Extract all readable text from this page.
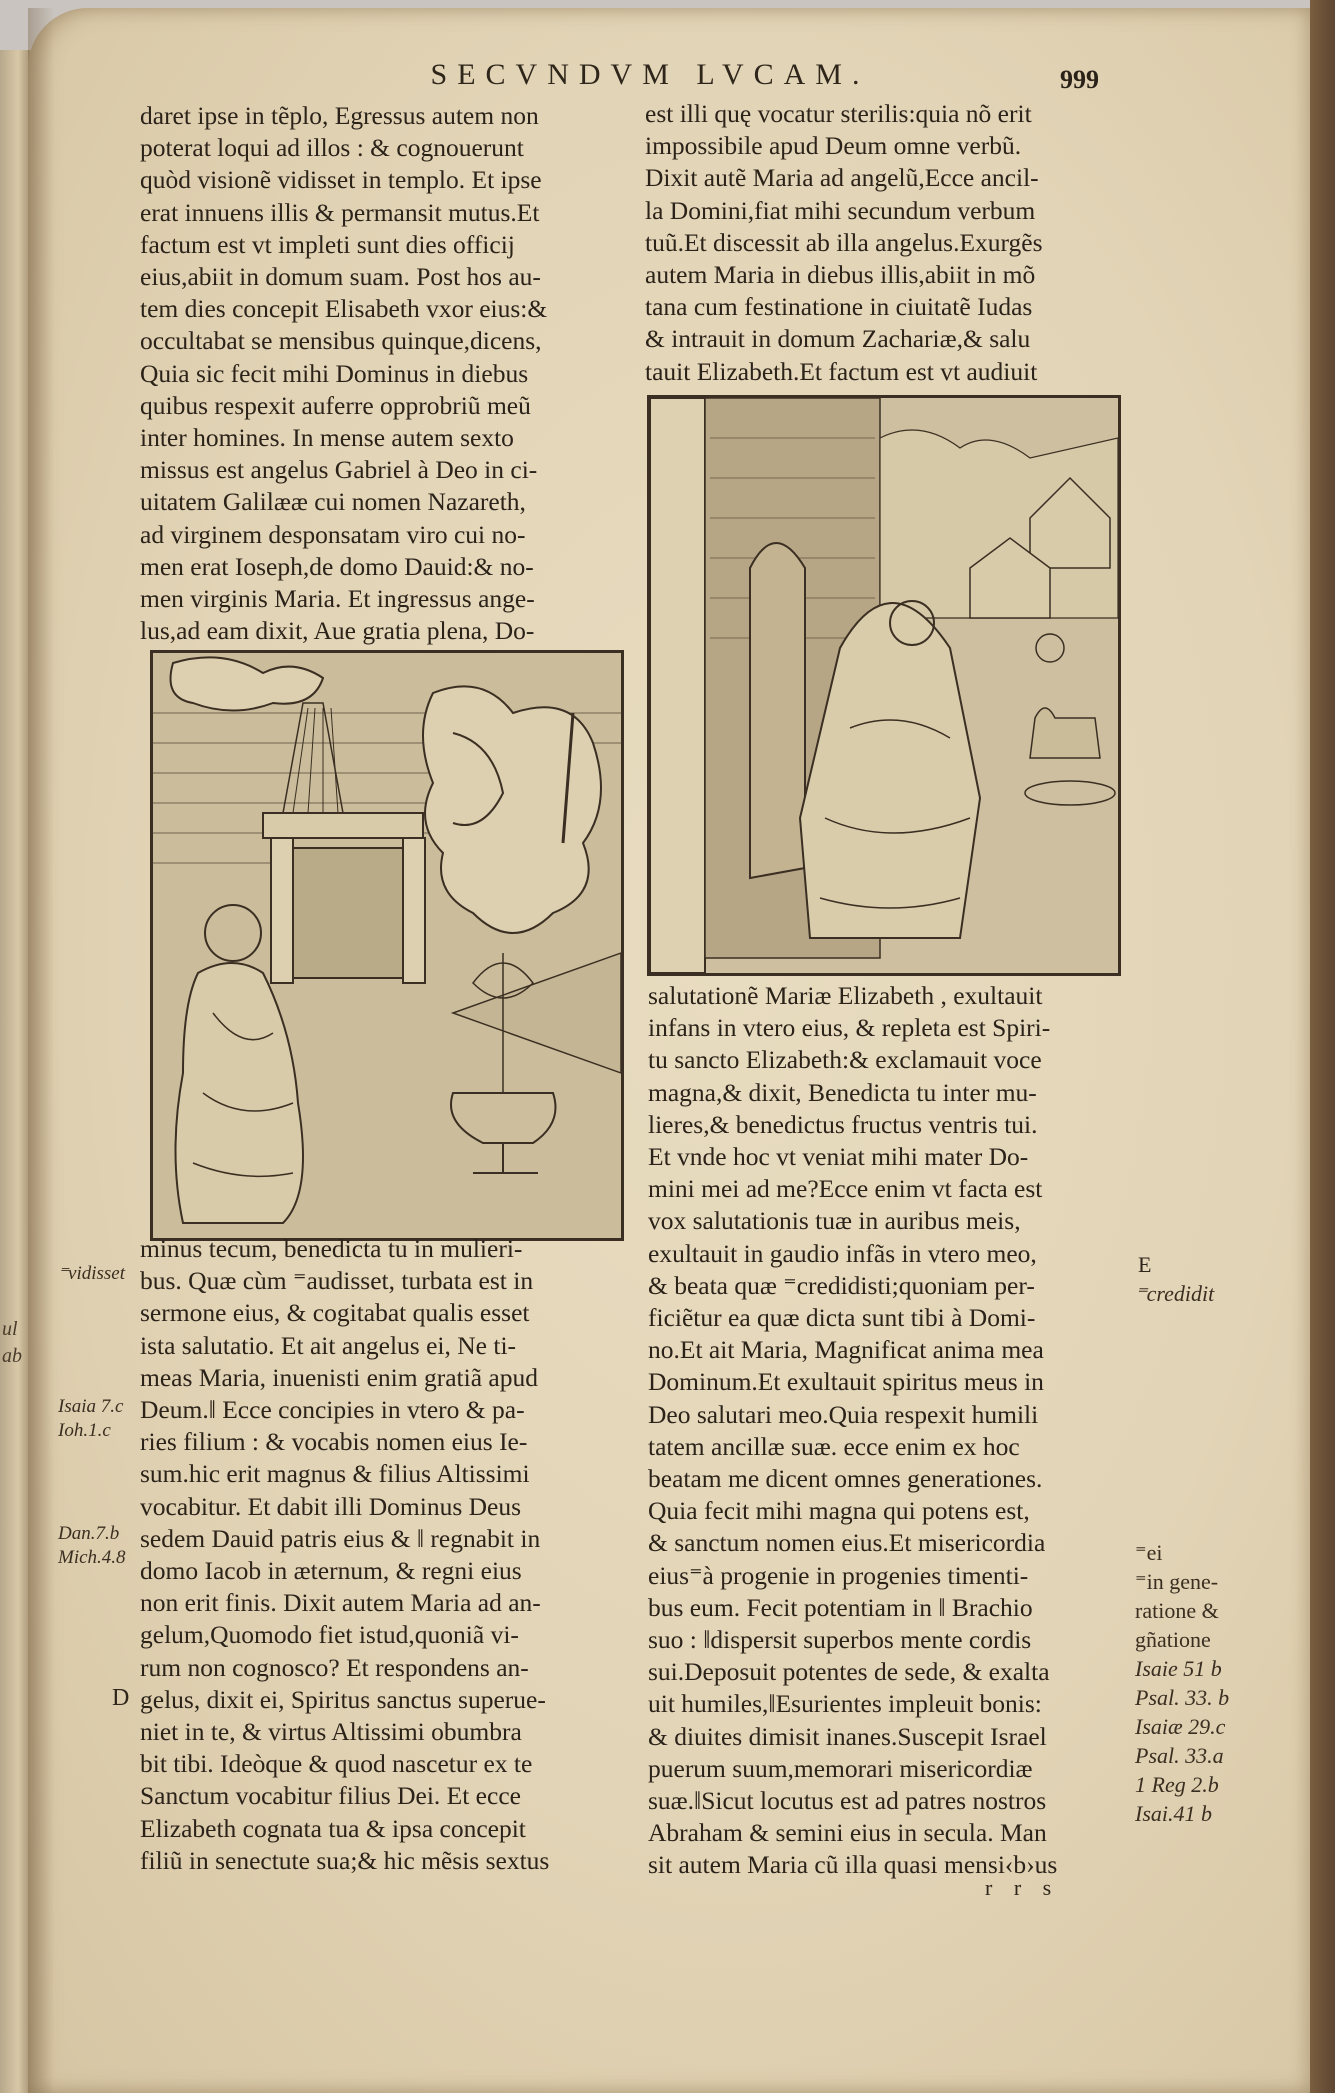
ul
ab
SECVNDVM LVCAM.	999
daret ipse in tẽplo, Egressus autem non
poterat loqui ad illos : & cognouerunt
quòd visionẽ vidisset in templo. Et ipse
erat innuens illis & permansit mutus.Et
factum est vt impleti sunt dies officij
eius,abiit in domum suam. Post hos au-
tem dies concepit Elisabeth vxor eius:&
occultabat se mensibus quinque,dicens,
Quia sic fecit mihi Dominus in diebus
quibus respexit auferre opprobriũ meũ
inter homines. In mense autem sexto
missus est angelus Gabriel à Deo in ci-
uitatem Galilææ cui nomen Nazareth,
ad virginem desponsatam viro cui no-
men erat Ioseph,de domo Dauid:& no-
men virginis Maria. Et ingressus ange-
lus,ad eam dixit, Aue gratia plena, Do-
minus tecum, benedicta tu in mulieri-
bus. Quæ cùm ⁼audisset, turbata est in
sermone eius, & cogitabat qualis esset
ista salutatio. Et ait angelus ei, Ne ti-
meas Maria, inuenisti enim gratiã apud
Deum.‖ Ecce concipies in vtero & pa-
ries filium : & vocabis nomen eius Ie-
sum.hic erit magnus & filius Altissimi
vocabitur. Et dabit illi Dominus Deus
sedem Dauid patris eius & ‖ regnabit in
domo Iacob in æternum, & regni eius
non erit finis. Dixit autem Maria ad an-
gelum,Quomodo fiet istud,quoniã vi-
rum non cognosco? Et respondens an-
gelus, dixit ei, Spiritus sanctus superue-
niet in te, & virtus Altissimi obumbra
bit tibi. Ideòque & quod nascetur ex te
Sanctum vocabitur filius Dei. Et ecce
Elizabeth cognata tua & ipsa concepit
filiũ in senectute sua;& hic mẽsis sextus
est illi quę vocatur sterilis:quia nõ erit
impossibile apud Deum omne verbũ.
Dixit autẽ Maria ad angelũ,Ecce ancil-
la Domini,fiat mihi secundum verbum
tuũ.Et discessit ab illa angelus.Exurgẽs
autem Maria in diebus illis,abiit in mõ
tana cum festinatione in ciuitatẽ Iudas
& intrauit in domum Zachariæ,& salu
tauit Elizabeth.Et factum est vt audiuit
salutationẽ Mariæ Elizabeth , exultauit
infans in vtero eius, & repleta est Spiri-
tu sancto Elizabeth:& exclamauit voce
magna,& dixit, Benedicta tu inter mu-
lieres,& benedictus fructus ventris tui.
Et vnde hoc vt veniat mihi mater Do-
mini mei ad me?Ecce enim vt facta est
vox salutationis tuæ in auribus meis,
exultauit in gaudio infãs in vtero meo,
& beata quæ ⁼credidisti;quoniam per-
ficiẽtur ea quæ dicta sunt tibi à Domi-
no.Et ait Maria, Magnificat anima mea
Dominum.Et exultauit spiritus meus in
Deo salutari meo.Quia respexit humili
tatem ancillæ suæ. ecce enim ex hoc
beatam me dicent omnes generationes.
Quia fecit mihi magna qui potens est,
& sanctum nomen eius.Et misericordia
eius⁼à progenie in progenies timenti-
bus eum. Fecit potentiam in ‖ Brachio
suo : ‖dispersit superbos mente cordis
sui.Deposuit potentes de sede, & exalta
uit humiles,‖Esurientes impleuit bonis:
& diuites dimisit inanes.Suscepit Israel
puerum suum,memorari misericordiæ
suæ.‖Sicut locutus est ad patres nostros
Abraham & semini eius in secula. Man
sit autem Maria cũ illa quasi mensi‹b›us
⁼vidisset
Isaia 7.c
Ioh.1.c
Dan.7.b
Mich.4.8
D
E
⁼credidit
⁼ei
⁼in gene-
ratione &
gñatione
Isaie 51 b
Psal. 33. b
Isaiæ 29.c
Psal. 33.a
1 Reg 2.b
Isai.41 b
r r s
